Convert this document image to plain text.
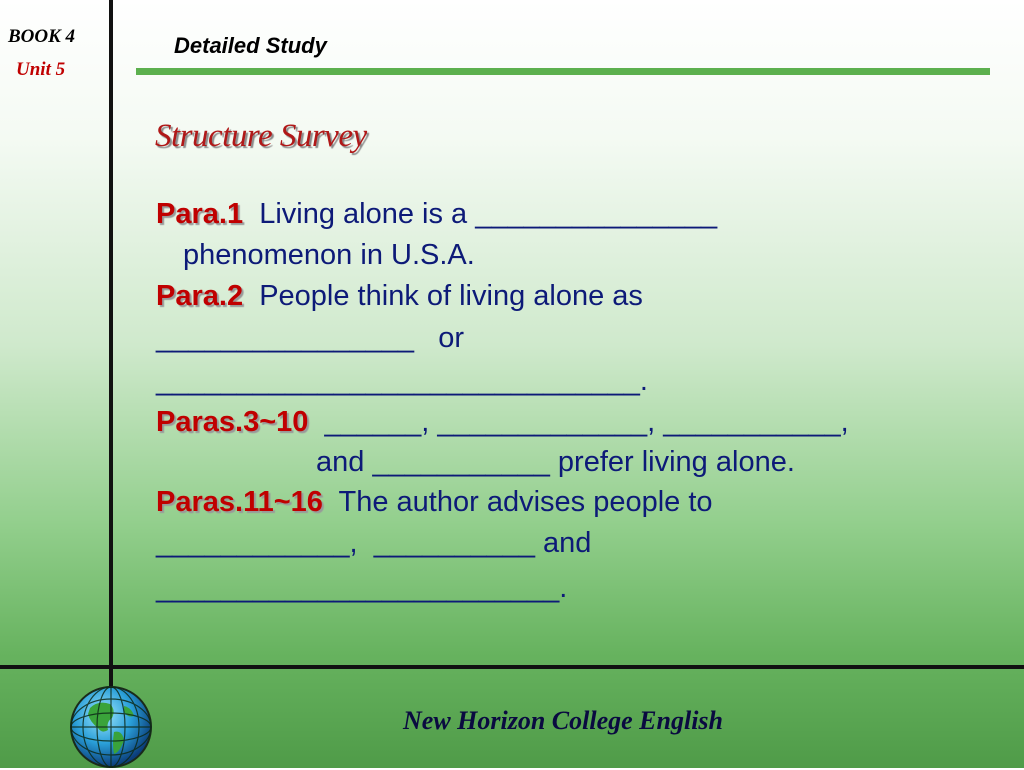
BOOK 4
Unit 5
Detailed Study
Structure Survey
Para.1 Living alone is a _______________
phenomenon in U.S.A.
Para.2 People think of living alone as
________________   or
______________________________.
Paras.3~10 ______, _____________, ___________,
and ___________ prefer living alone.
Paras.11~16 The author advises people to
____________,  __________ and
_________________________.
New Horizon College English
